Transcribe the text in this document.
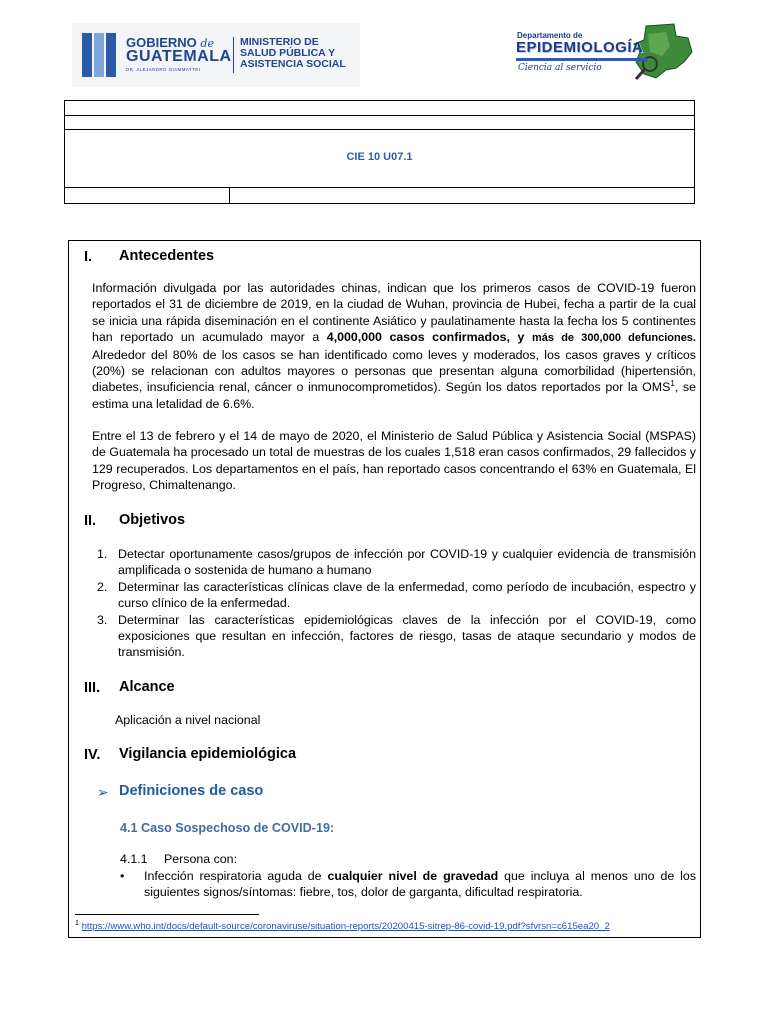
GOBIERNO de
GUATEMALA
DR. ALEJANDRO GIAMMATTEI
MINISTERIO DE
SALUD PÚBLICA Y
ASISTENCIA SOCIAL
Departamento de
EPIDEMIOLOGÍA
Ciencia al servicio
CIE 10 U07.1
I. Antecedentes

Información divulgada por las autoridades chinas, indican que los primeros casos de COVID-19 fueron reportados el 31 de diciembre de 2019, en la ciudad de Wuhan, provincia de Hubei, fecha a partir de la cual se inicia una rápida diseminación en el continente Asiático y paulatinamente hasta la fecha los 5 continentes han reportado un acumulado mayor a 4,000,000 casos confirmados, y más de 300,000 defunciones. Alrededor del 80% de los casos se han identificado como leves y moderados, los casos graves y críticos (20%) se relacionan con adultos mayores o personas que presentan alguna comorbilidad (hipertensión, diabetes, insuficiencia renal, cáncer o inmunocomprometidos). Según los datos reportados por la OMS$^1$, se estima una letalidad de 6.6%.

Entre el 13 de febrero y el 14 de mayo de 2020, el Ministerio de Salud Pública y Asistencia Social (MSPAS) de Guatemala ha procesado un total de muestras de los cuales 1,518 eran casos confirmados, 29 fallecidos y 129 recuperados. Los departamentos en el país, han reportado casos concentrando el 63% en Guatemala, El Progreso, Chimaltenango.

II. Objetivos
1. Detectar oportunamente casos/grupos de infección por COVID-19 y cualquier evidencia de transmisión amplificada o sostenida de humano a humano
2. Determinar las características clínicas clave de la enfermedad, como período de incubación, espectro y curso clínico de la enfermedad.
3. Determinar las características epidemiológicas claves de la infección por el COVID-19, como exposiciones que resultan en infección, factores de riesgo, tasas de ataque secundario y modos de transmisión.
III. Alcance
Aplicación a nivel nacional
IV. Vigilancia epidemiológica
➢ Definiciones de caso
4.1 Caso Sospechoso de COVID-19:
4.1.1 Persona con:
•	Infección respiratoria aguda de cualquier nivel de gravedad que incluya al menos uno de los siguientes signos/síntomas: fiebre, tos, dolor de garganta, dificultad respiratoria.
$^1$ https://www.who.int/docs/default-source/coronaviruse/situation-reports/20200415-sitrep-86-covid-19.pdf?sfvrsn=c615ea20_2
